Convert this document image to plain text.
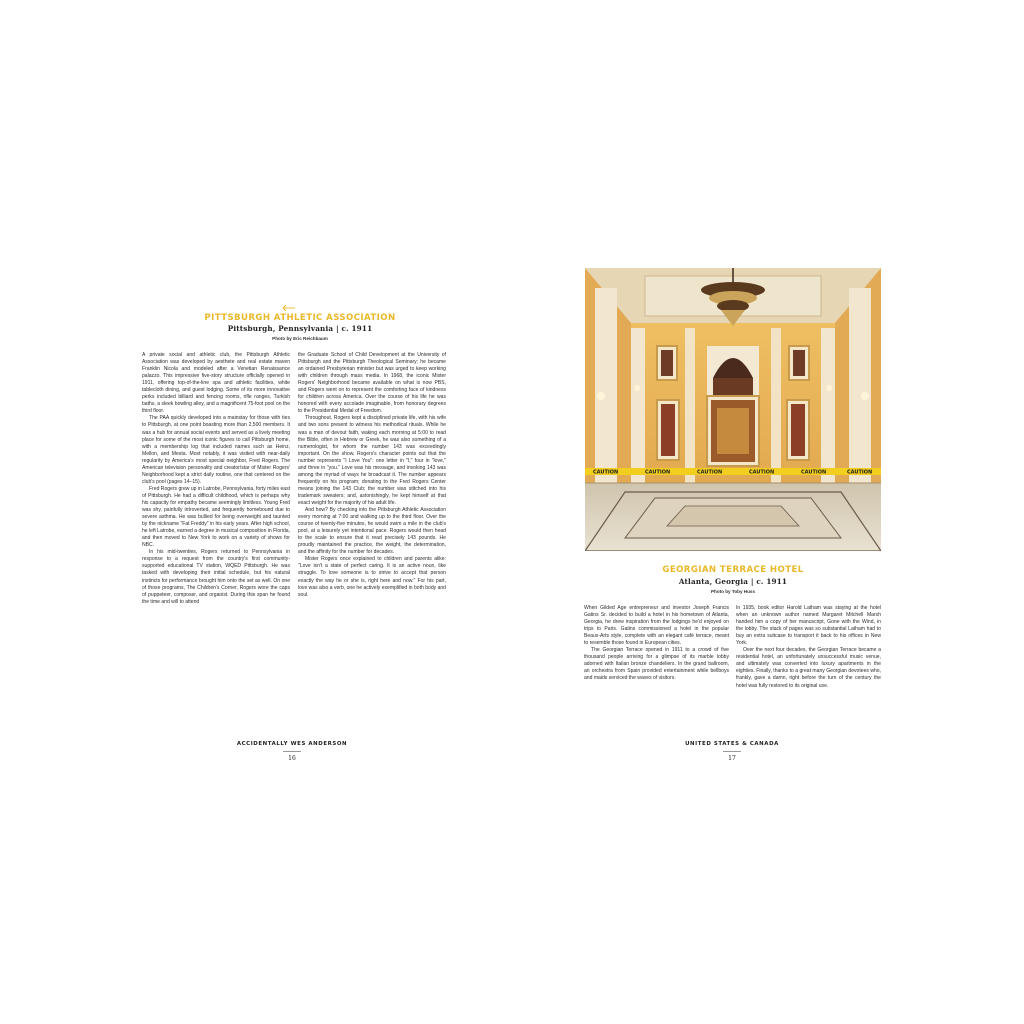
PITTSBURGH ATHLETIC ASSOCIATION
Pittsburgh, Pennsylvania | c. 1911
Photo by Eric Reichbaum

A private social and athletic club, the Pittsburgh Athletic Association was developed by aesthete and real estate maven Franklin Nicola and modeled after a Venetian Renaissance palazzo. This impressive five-story structure officially opened in 1911, offering top-of-the-line spa and athletic facilities, white tablecloth dining, and guest lodging. Some of its more innovative perks included billiard and fencing rooms, rifle ranges, Turkish baths, a sleek bowling alley, and a magnificent 75-foot pool on the third floor.

The PAA quickly developed into a mainstay for those with ties to Pittsburgh, at one point boasting more than 2,500 members. It was a hub for annual social events and served as a lively meeting place for some of the most iconic figures to call Pittsburgh home, with a membership log that included names such as Heinz, Mellon, and Mesta. Most notably, it was visited with near-daily regularity by America's most special neighbor, Fred Rogers. The American television personality and creator/star of Mister Rogers' Neighborhood kept a strict daily routine, one that centered on the club's pool (pages 14–15).

Fred Rogers grew up in Latrobe, Pennsylvania, forty miles east of Pittsburgh. He had a difficult childhood, which is perhaps why his capacity for empathy became seemingly limitless. Young Fred was shy, painfully introverted, and frequently homebound due to severe asthma. He was bullied for being overweight and taunted by the nickname "Fat Freddy" in his early years. After high school, he left Latrobe, earned a degree in musical composition in Florida, and then moved to New York to work on a variety of shows for NBC.

In his mid-twenties, Rogers returned to Pennsylvania in response to a request from the country's first community-supported educational TV station, WQED Pittsburgh. He was tasked with developing their initial schedule, but his natural instincts for performance brought him onto the set as well. On one of those programs, The Children's Corner, Rogers wore the caps of puppeteer, composer, and organist. During this span he found the time and will to attend

the Graduate School of Child Development at the University of Pittsburgh and the Pittsburgh Theological Seminary; he became an ordained Presbyterian minister but was urged to keep working with children through mass media. In 1968, the iconic Mister Rogers' Neighborhood became available on what is now PBS, and Rogers went on to represent the comforting face of kindness for children across America. Over the course of his life he was honored with every accolade imaginable, from honorary degrees to the Presidential Medal of Freedom.

Throughout, Rogers kept a disciplined private life, with his wife and two sons present to witness his methodical rituals. While he was a man of devout faith, waking each morning at 5:00 to read the Bible, often in Hebrew or Greek, he was also something of a numerologist, for whom the number 143 was exceedingly important. On the show, Rogers's character points out that the number represents "I Love You": one letter in "I," four in "love," and three in "you." Love was his message, and invoking 143 was among the myriad of ways he broadcast it. The number appears frequently on his program; donating to the Fred Rogers Center means joining the 143 Club; the number was stitched into his trademark sweaters; and, astonishingly, he kept himself at that exact weight for the majority of his adult life.

And how? By checking into the Pittsburgh Athletic Association every morning at 7:00 and walking up to the third floor. Over the course of twenty-five minutes, he would swim a mile in the club's pool, at a leisurely yet intentional pace. Rogers would then head to the scale to ensure that it read precisely 143 pounds. He proudly maintained the practice, the weight, the determination, and the affinity for the number for decades.

Mister Rogers once explained to children and parents alike: "Love isn't a state of perfect caring. It is an active noun, like struggle. To love someone is to strive to accept that person exactly the way he or she is, right here and now." For his part, love was also a verb, one he actively exemplified in both body and soul.

ACCIDENTALLY WES ANDERSON
16
CAUTION	CAUTION	CAUTION	CAUTION	CAUTION	CAUTION
GEORGIAN TERRACE HOTEL
Atlanta, Georgia | c. 1911
Photo by Toby Huss

When Gilded Age entrepreneur and investor Joseph Francis Gatins Sr. decided to build a hotel in his hometown of Atlanta, Georgia, he drew inspiration from the lodgings he'd enjoyed on trips to Paris. Gatins commissioned a hotel in the popular Beaux-Arts style, complete with an elegant café terrace, meant to resemble those found in European cities.

The Georgian Terrace opened in 1911 to a crowd of five thousand people arriving for a glimpse of its marble lobby adorned with Italian bronze chandeliers. In the grand ballroom, an orchestra from Spain provided entertainment while bellboys and maids serviced the waves of visitors.

In 1935, book editor Harold Latham was staying at the hotel when an unknown author named Margaret Mitchell Marsh handed him a copy of her manuscript, Gone with the Wind, in the lobby. The stack of pages was so substantial Latham had to buy an extra suitcase to transport it back to his offices in New York.

Over the next four decades, the Georgian Terrace became a residential hotel, an unfortunately unsuccessful music venue, and ultimately was converted into luxury apartments in the eighties. Finally, thanks to a great many Georgian devotees who, frankly, gave a damn, right before the turn of the century the hotel was fully restored to its original use.

UNITED STATES & CANADA
17
